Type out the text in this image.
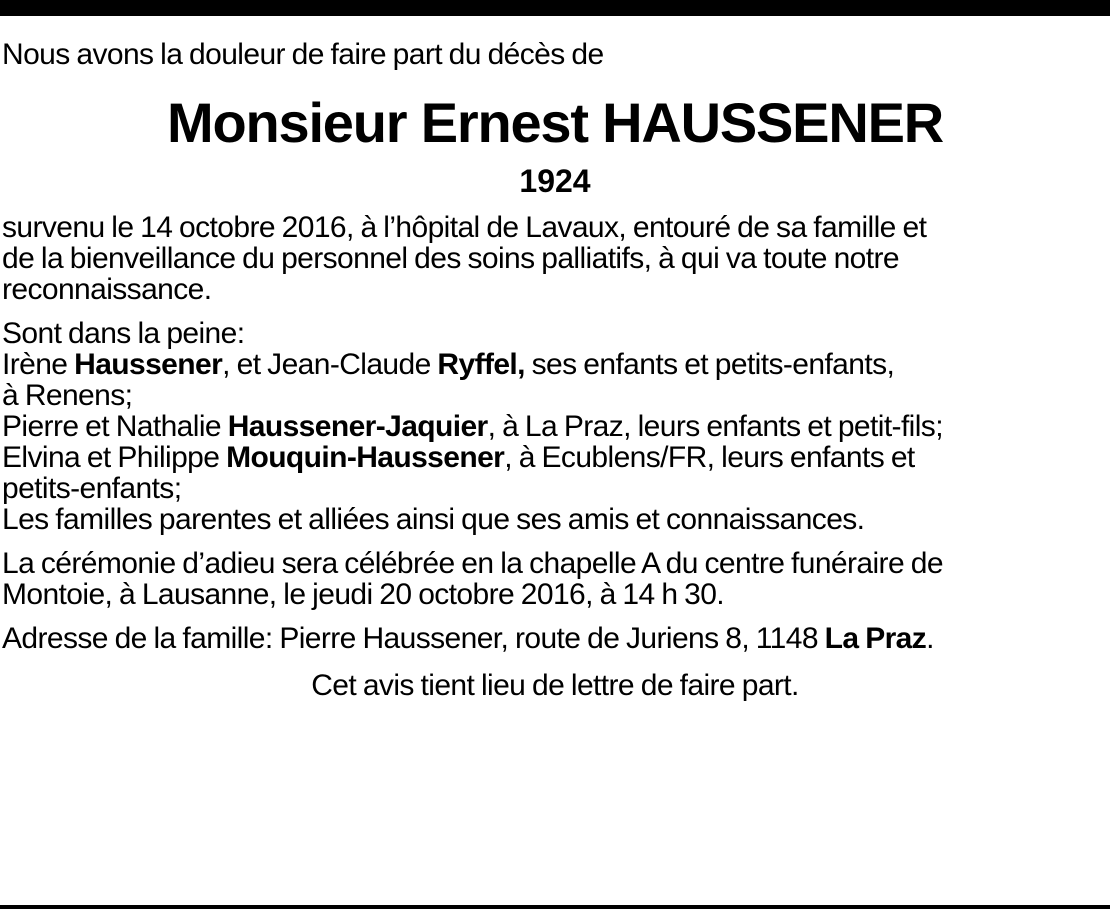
Nous avons la douleur de faire part du décès de
Monsieur Ernest HAUSSENER
1924
survenu le 14 octobre 2016, à l’hôpital de Lavaux, entouré de sa famille et
de la bienveillance du personnel des soins palliatifs, à qui va toute notre
reconnaissance.
Sont dans la peine:
Irène Haussener, et Jean-Claude Ryffel, ses enfants et petits-enfants,
à Renens;
Pierre et Nathalie Haussener-Jaquier, à La Praz, leurs enfants et petit-fils;
Elvina et Philippe Mouquin-Haussener, à Ecublens/FR, leurs enfants et
petits-enfants;
Les familles parentes et alliées ainsi que ses amis et connaissances.
La cérémonie d’adieu sera célébrée en la chapelle A du centre funéraire de
Montoie, à Lausanne, le jeudi 20 octobre 2016, à 14 h 30.
Adresse de la famille: Pierre Haussener, route de Juriens 8, 1148 La Praz.
Cet avis tient lieu de lettre de faire part.
